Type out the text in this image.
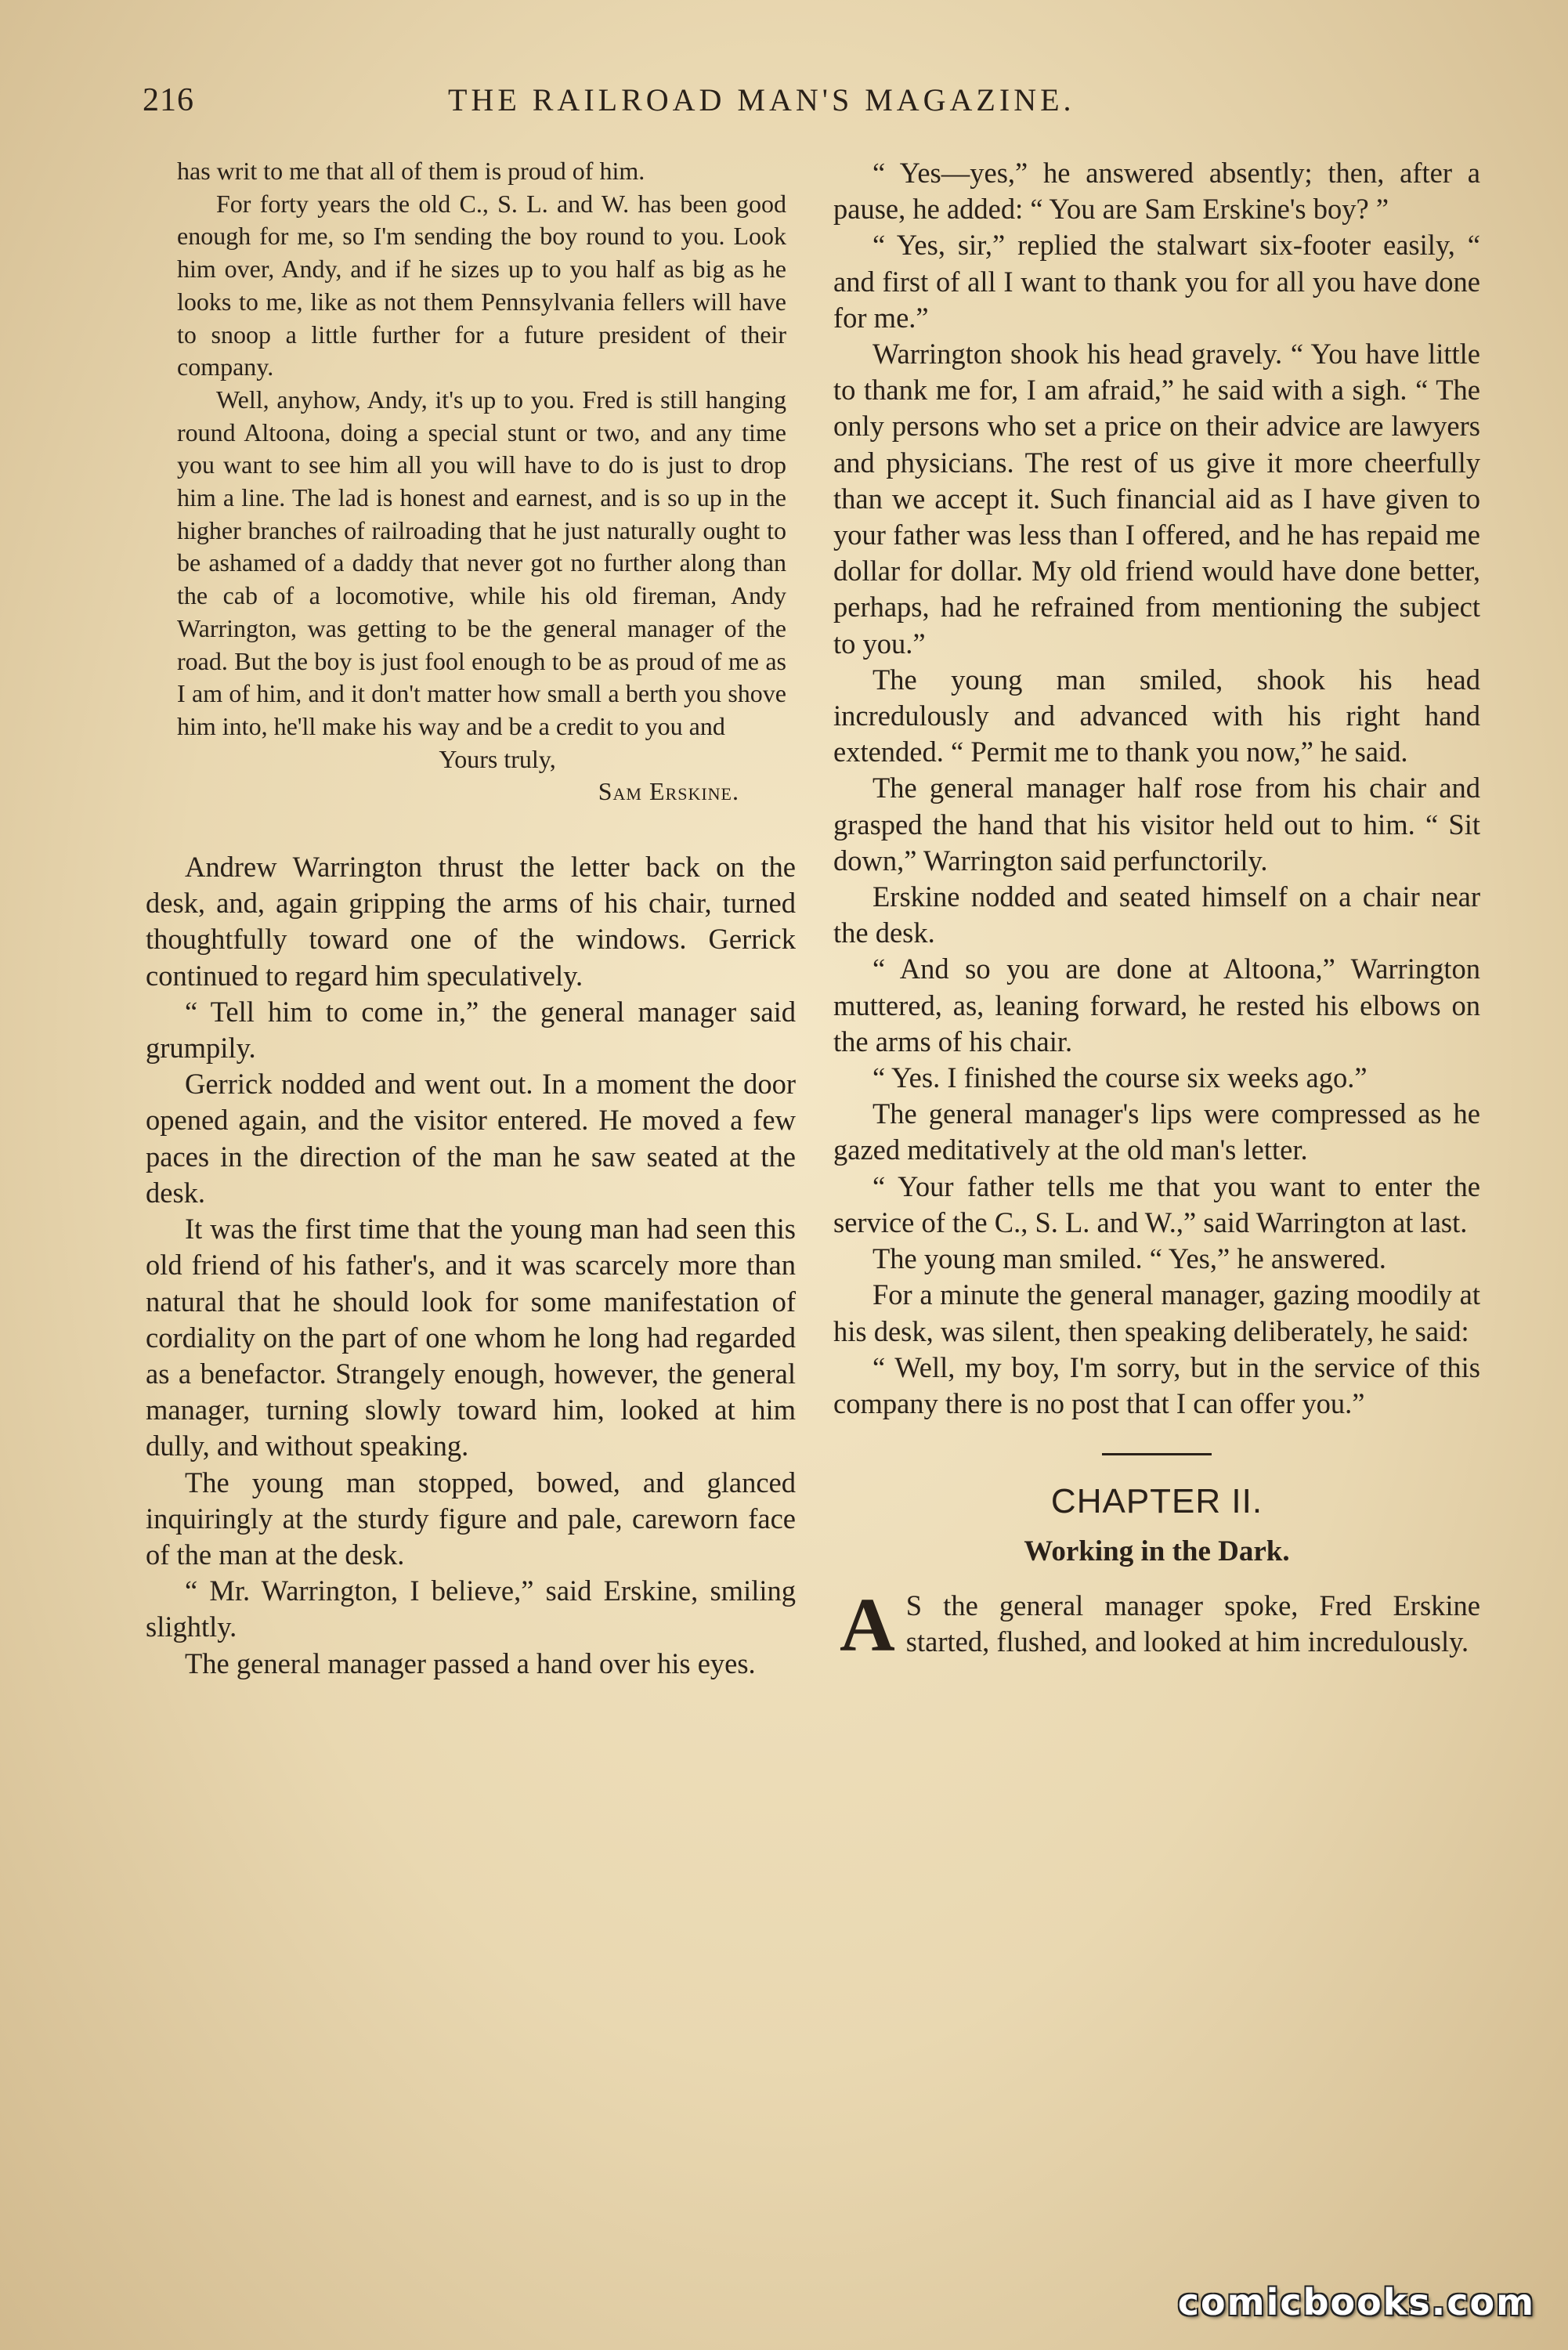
216	THE RAILROAD MAN'S MAGAZINE.

has writ to me that all of them is proud of him.

For forty years the old C., S. L. and W. has been good enough for me, so I'm sending the boy round to you. Look him over, Andy, and if he sizes up to you half as big as he looks to me, like as not them Pennsylvania fellers will have to snoop a little further for a future president of their company.

Well, anyhow, Andy, it's up to you. Fred is still hanging round Altoona, doing a special stunt or two, and any time you want to see him all you will have to do is just to drop him a line. The lad is honest and earnest, and is so up in the higher branches of railroading that he just naturally ought to be ashamed of a daddy that never got no further along than the cab of a locomotive, while his old fireman, Andy Warrington, was getting to be the general manager of the road. But the boy is just fool enough to be as proud of me as I am of him, and it don't matter how small a berth you shove him into, he'll make his way and be a credit to you and

Yours truly,

Sam Erskine.

Andrew Warrington thrust the letter back on the desk, and, again gripping the arms of his chair, turned thoughtfully toward one of the windows. Gerrick continued to regard him speculatively.

“ Tell him to come in,” the general manager said grumpily.

Gerrick nodded and went out. In a moment the door opened again, and the visitor entered. He moved a few paces in the direction of the man he saw seated at the desk.

It was the first time that the young man had seen this old friend of his father's, and it was scarcely more than natural that he should look for some manifestation of cordiality on the part of one whom he long had regarded as a benefactor. Strangely enough, however, the general manager, turning slowly toward him, looked at him dully, and without speaking.

The young man stopped, bowed, and glanced inquiringly at the sturdy figure and pale, careworn face of the man at the desk.

“ Mr. Warrington, I believe,” said Erskine, smiling slightly.

The general manager passed a hand over his eyes.

“ Yes—yes,” he answered absently; then, after a pause, he added: “ You are Sam Erskine's boy? ”

“ Yes, sir,” replied the stalwart six-footer easily, “ and first of all I want to thank you for all you have done for me.”

Warrington shook his head gravely. “ You have little to thank me for, I am afraid,” he said with a sigh. “ The only persons who set a price on their advice are lawyers and physicians. The rest of us give it more cheerfully than we accept it. Such financial aid as I have given to your father was less than I offered, and he has repaid me dollar for dollar. My old friend would have done better, perhaps, had he refrained from mentioning the subject to you.”

The young man smiled, shook his head incredulously and advanced with his right hand extended. “ Permit me to thank you now,” he said.

The general manager half rose from his chair and grasped the hand that his visitor held out to him. “ Sit down,” Warrington said perfunctorily.

Erskine nodded and seated himself on a chair near the desk.

“ And so you are done at Altoona,” Warrington muttered, as, leaning forward, he rested his elbows on the arms of his chair.

“ Yes. I finished the course six weeks ago.”

The general manager's lips were compressed as he gazed meditatively at the old man's letter.

“ Your father tells me that you want to enter the service of the C., S. L. and W.,” said Warrington at last.

The young man smiled. “ Yes,” he answered.

For a minute the general manager, gazing moodily at his desk, was silent, then speaking deliberately, he said:

“ Well, my boy, I'm sorry, but in the service of this company there is no post that I can offer you.”

CHAPTER II.
Working in the Dark.

A S the general manager spoke, Fred Erskine started, flushed, and looked at him incredulously.

comicbooks.com
